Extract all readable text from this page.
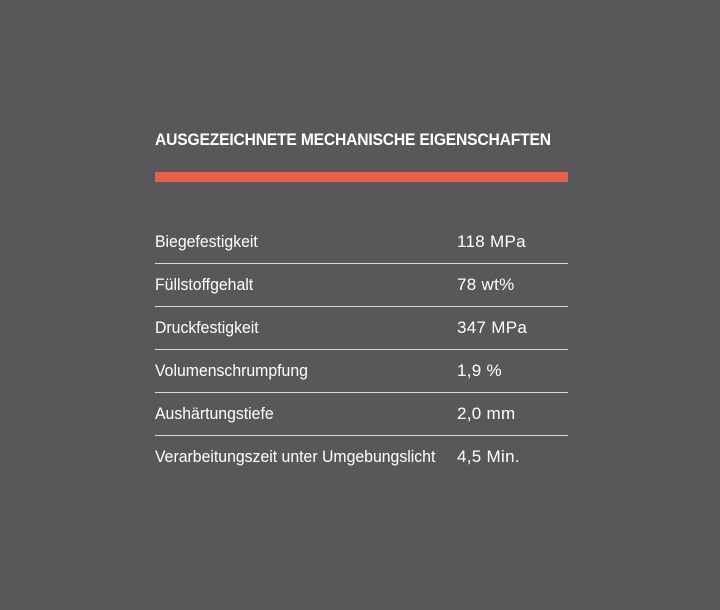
AUSGEZEICHNETE MECHANISCHE EIGENSCHAFTEN
Biegefestigkeit	118 MPa
Füllstoffgehalt	78 wt%
Druckfestigkeit	347 MPa
Volumenschrumpfung	1,9 %
Aushärtungstiefe	2,0 mm
Verarbeitungszeit unter Umgebungslicht 4,5 Min.
